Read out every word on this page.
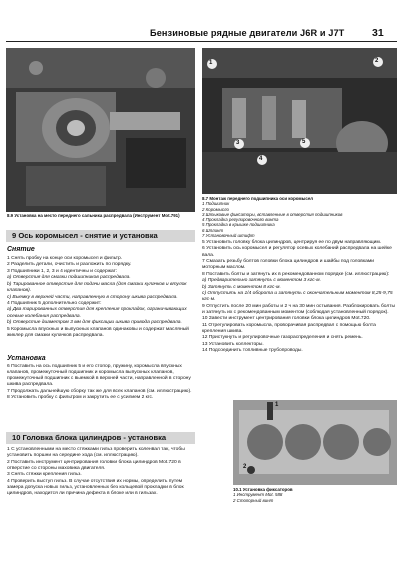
Бензиновые рядные двигатели J6R и J7T	31
8.9 Установка на место переднего сальника распредвала (Инструмент Mot.791)
1	2
3
4
5
8.7 Монтаж переднего подшипника оси коромысел
1 Подшипник
2 Коромысло
3 Штыковые фиксаторы, вставленные в отверстия подшипников
4 Прокладка регулировочного винта
5 Прокладка в крышке подшипника
6 Шплинт
7 Установочный штифт
9 Ось коромысел - снятие и установка
Снятие

1 Снять пробку на конце оси коромысел и фильтр.

2 Разделить детали, очистить и разложить по порядку.

3 Подшипники 1, 2, 3 и 4 идентичны и содержат:

a) Отверстия для смазки подшипников распредвала.

b) Тарированное отверстие для подачи масла (для смазки кулачков и втулок клапанов).

c) Выемку в верхней части, направленную в сторону шкива распредвала.

4 Подшипник 5 дополнительно содержит:

a) Два тарированных отверстия для крепления прокладок, ограничивающих осевые колебания распредвала.

b) Отверстие диаметром 3 мм для фиксации шкива привода распредвала.

5 Коромысла впускных и выпускных клапанов одинаковы и содержат масляный жиклер для смазки кулачков распредвала.

Установка

6 Поставить на ось подшипник 5 и его стопор, пружину, коромысла впускных клапанов, промежуточный подшипник и коромысла выпускных клапанов, промежуточный подшипник с выемкой в верхней части, направленной в сторону шкива распредвала.

7 Продолжать дальнейшую сборку так же для всех клапанов (см. иллюстрацию).

8 Установить пробку с фильтром и закрутить ее с усилием 2 кгс.

10 Головка блока цилиндров - установка

1 С установленными на место стяжками гильз проверить коленвал так, чтобы установить поршни на середине хода (см. иллюстрацию).

2 Поставить инструмент центрирования головки блока цилиндров Mot.720 в отверстие со стороны маховика двигателя.

3 Снять стяжки крепления гильз.

4 Проверить выступ гильз. В случае отсутствия их нормы, определить путем замера допуска новых гильз, установленных без кольцевой прокладки в блок цилиндров, находится ли причина дефекта в блоке или в гильзах.

5 Установить головку блока цилиндров, центрируя ее по двум направляющим.

6 Установить ось коромысел и регулятор осевых колебаний распредвала на шейке вала.

7 Смазать резьбу болтов головки блока цилиндров и шайбы под головками моторным маслом.

8 Поставить болты и затянуть их в рекомендованном порядке (см. иллюстрацию):

a) Предварительно затянуть с моментом 3 кгс·м.

b) Затянуть с моментом 8 кгс·м.

c) Отпустить на 1/4 оборота и затянуть с окончательным моментом 8,25-9,75 кгс·м.

9 Отпустить после 20 мин работы и 2 ч на 30 мин остывания. Разблокировать болты и затянуть их с рекомендованным моментом (соблюдая установленный порядок).

10 Завести инструмент центрирования головки блока цилиндров Mot.720.

11 Отрегулировать коромысла, проворачивая распредвал с помощью болта крепления шкива.

12 Пристукнуть и регулировочные газораспределения и снять ремень.

13 Установить коллекторы.

14 Подсоединить топливные трубопроводы.

1
2
10.1 Установка фиксаторов
1 Инструмент Mot. 588
2 Стопорный винт
